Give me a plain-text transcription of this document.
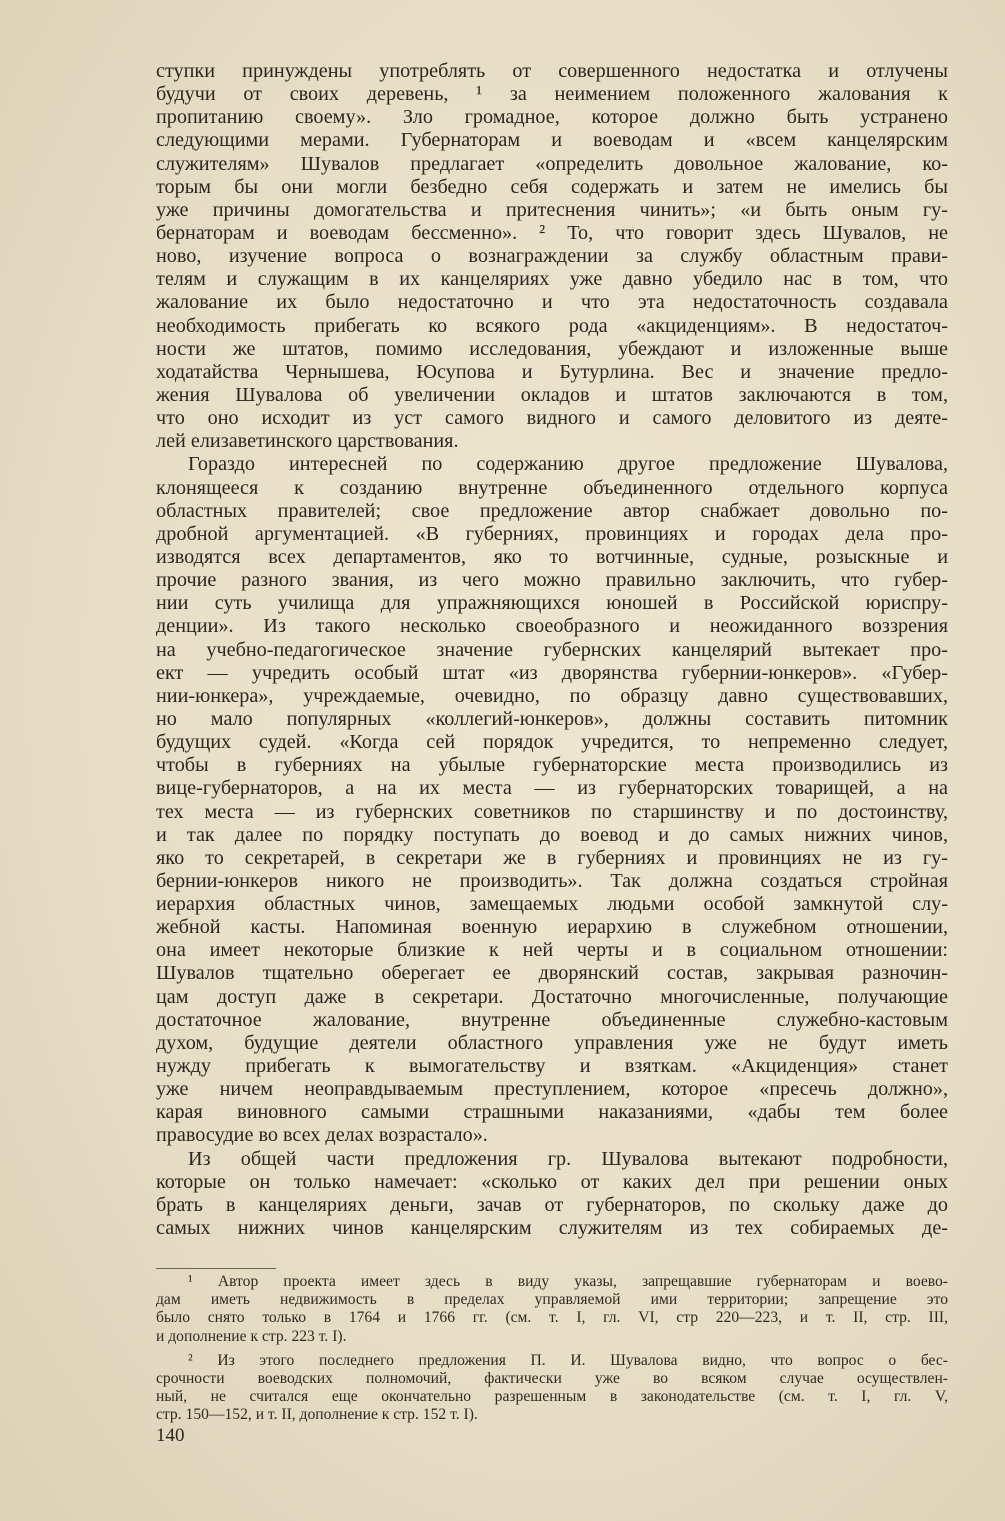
ступки принуждены употреблять от совершенного недостатка и отлучены
будучи от своих деревень, ¹ за неимением положенного жалования к
пропитанию своему». Зло громадное, которое должно быть устранено
следующими мерами. Губернаторам и воеводам и «всем канцелярским
служителям» Шувалов предлагает «определить довольное жалование, ко-
торым бы они могли безбедно себя содержать и затем не имелись бы
уже причины домогательства и притеснения чинить»; «и быть оным гу-
бернаторам и воеводам бессменно». ² То, что говорит здесь Шувалов, не
ново, изучение вопроса о вознаграждении за службу областным прави-
телям и служащим в их канцеляриях уже давно убедило нас в том, что
жалование их было недостаточно и что эта недостаточность создавала
необходимость прибегать ко всякого рода «акциденциям». В недостаточ-
ности же штатов, помимо исследования, убеждают и изложенные выше
ходатайства Чернышева, Юсупова и Бутурлина. Вес и значение предло-
жения Шувалова об увеличении окладов и штатов заключаются в том,
что оно исходит из уст самого видного и самого деловитого из деяте-
лей елизаветинского царствования.
Гораздо интересней по содержанию другое предложение Шувалова,
клонящееся к созданию внутренне объединенного отдельного корпуса
областных правителей; свое предложение автор снабжает довольно по-
дробной аргументацией. «В губерниях, провинциях и городах дела про-
изводятся всех департаментов, яко то вотчинные, судные, розыскные и
прочие разного звания, из чего можно правильно заключить, что губер-
нии суть училища для упражняющихся юношей в Российской юриспру-
денции». Из такого несколько своеобразного и неожиданного воззрения
на учебно-педагогическое значение губернских канцелярий вытекает про-
ект — учредить особый штат «из дворянства губернии-юнкеров». «Губер-
нии-юнкера», учреждаемые, очевидно, по образцу давно существовавших,
но мало популярных «коллегий-юнкеров», должны составить питомник
будущих судей. «Когда сей порядок учредится, то непременно следует,
чтобы в губерниях на убылые губернаторские места производились из
вице-губернаторов, а на их места — из губернаторских товарищей, а на
тех места — из губернских советников по старшинству и по достоинству,
и так далее по порядку поступать до воевод и до самых нижних чинов,
яко то секретарей, в секретари же в губерниях и провинциях не из гу-
бернии-юнкеров никого не производить». Так должна создаться стройная
иерархия областных чинов, замещаемых людьми особой замкнутой слу-
жебной касты. Напоминая военную иерархию в служебном отношении,
она имеет некоторые близкие к ней черты и в социальном отношении:
Шувалов тщательно оберегает ее дворянский состав, закрывая разночин-
цам доступ даже в секретари. Достаточно многочисленные, получающие
достаточное жалование, внутренне объединенные служебно-кастовым
духом, будущие деятели областного управления уже не будут иметь
нужду прибегать к вымогательству и взяткам. «Акциденция» станет
уже ничем неоправдываемым преступлением, которое «пресечь должно»,
карая виновного самыми страшными наказаниями, «дабы тем более
правосудие во всех делах возрастало».
Из общей части предложения гр. Шувалова вытекают подробности,
которые он только намечает: «сколько от каких дел при решении оных
брать в канцеляриях деньги, зачав от губернаторов, по скольку даже до
самых нижних чинов канцелярским служителям из тех собираемых де-
¹ Автор проекта имеет здесь в виду указы, запрещавшие губернаторам и воево-
дам иметь недвижимость в пределах управляемой ими территории; запрещение это
было снято только в 1764 и 1766 гг. (см. т. I, гл. VI, стр 220—223, и т. II, стр. III,
и дополнение к стр. 223 т. I).
² Из этого последнего предложения П. И. Шувалова видно, что вопрос о бес-
срочности воеводских полномочий, фактически уже во всяком случае осуществлен-
ный, не считался еще окончательно разрешенным в законодательстве (см. т. I, гл. V,
стр. 150—152, и т. II, дополнение к стр. 152 т. I).
140
